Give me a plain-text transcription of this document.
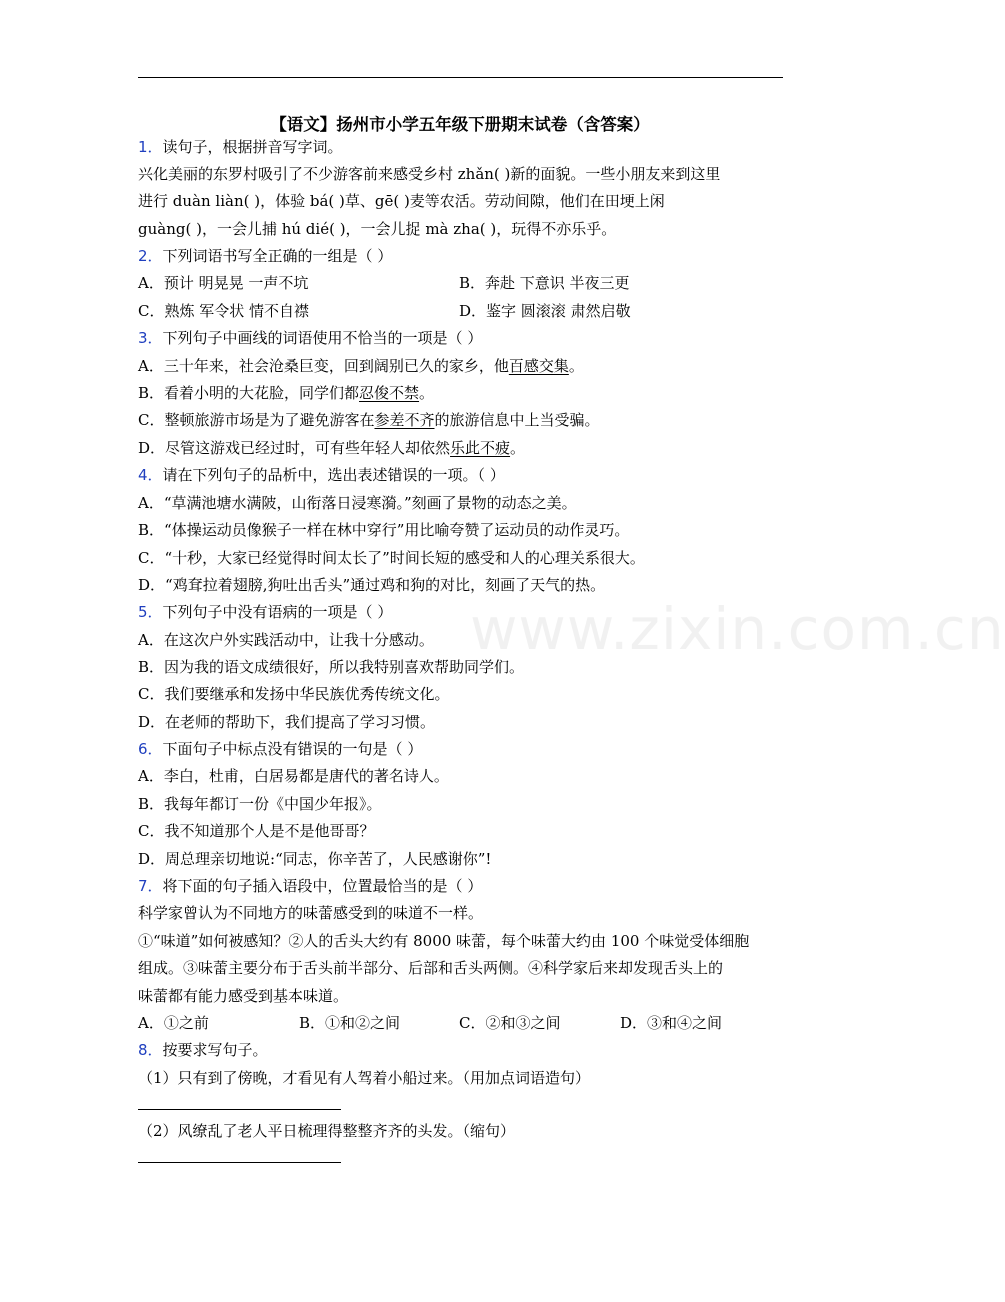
www.zixin.com.cn
【语文】扬州市小学五年级下册期末试卷（含答案）
1．读句子，根据拼音写字词。
兴化美丽的东罗村吸引了不少游客前来感受乡村 zhǎn( )新的面貌。一些小朋友来到这里
进行 duàn liàn( )，体验 bá( )草、gē( )麦等农活。劳动间隙，他们在田埂上闲
guàng( )，一会儿捕 hú dié( )，一会儿捉 mà zha( )，玩得不亦乐乎。
2．下列词语书写全正确的一组是（ ）
A．预计 明晃晃 一声不坑	B．奔赴 下意识 半夜三更
C．熟炼 军令状 情不自襟	D．鉴字 圆滚滚 肃然启敬
3．下列句子中画线的词语使用不恰当的一项是（ ）
A．三十年来，社会沧桑巨变，回到阔别已久的家乡，他百感交集。
B．看着小明的大花脸，同学们都忍俊不禁。
C．整顿旅游市场是为了避免游客在参差不齐的旅游信息中上当受骗。
D．尽管这游戏已经过时，可有些年轻人却依然乐此不疲。
4．请在下列句子的品析中，选出表述错误的一项。（ ）
A．“草满池塘水满陂，山衔落日浸寒漪。”刻画了景物的动态之美。
B．“体操运动员像猴子一样在林中穿行”用比喻夸赞了运动员的动作灵巧。
C．“十秒，大家已经觉得时间太长了”时间长短的感受和人的心理关系很大。
D．“鸡耷拉着翅膀,狗吐出舌头”通过鸡和狗的对比，刻画了天气的热。
5．下列句子中没有语病的一项是（ ）
A．在这次户外实践活动中，让我十分感动。
B．因为我的语文成绩很好，所以我特别喜欢帮助同学们。
C．我们要继承和发扬中华民族优秀传统文化。
D．在老师的帮助下，我们提高了学习习惯。
6．下面句子中标点没有错误的一句是（ ）
A．李白，杜甫，白居易都是唐代的著名诗人。
B．我每年都订一份《中国少年报》。
C．我不知道那个人是不是他哥哥？
D．周总理亲切地说:“同志，你辛苦了，人民感谢你”!
7．将下面的句子插入语段中，位置最恰当的是（ ）
科学家曾认为不同地方的味蕾感受到的味道不一样。
①“味道”如何被感知？②人的舌头大约有 8000 味蕾，每个味蕾大约由 100 个味觉受体细胞
组成。③味蕾主要分布于舌头前半部分、后部和舌头两侧。④科学家后来却发现舌头上的
味蕾都有能力感受到基本味道。
A．①之前	B．①和②之间	C．②和③之间	D．③和④之间
8．按要求写句子。
（1）只有到了傍晚，才看见有人驾着小船过来。（用加点词语造句）
（2）风缭乱了老人平日梳理得整整齐齐的头发。（缩句）
